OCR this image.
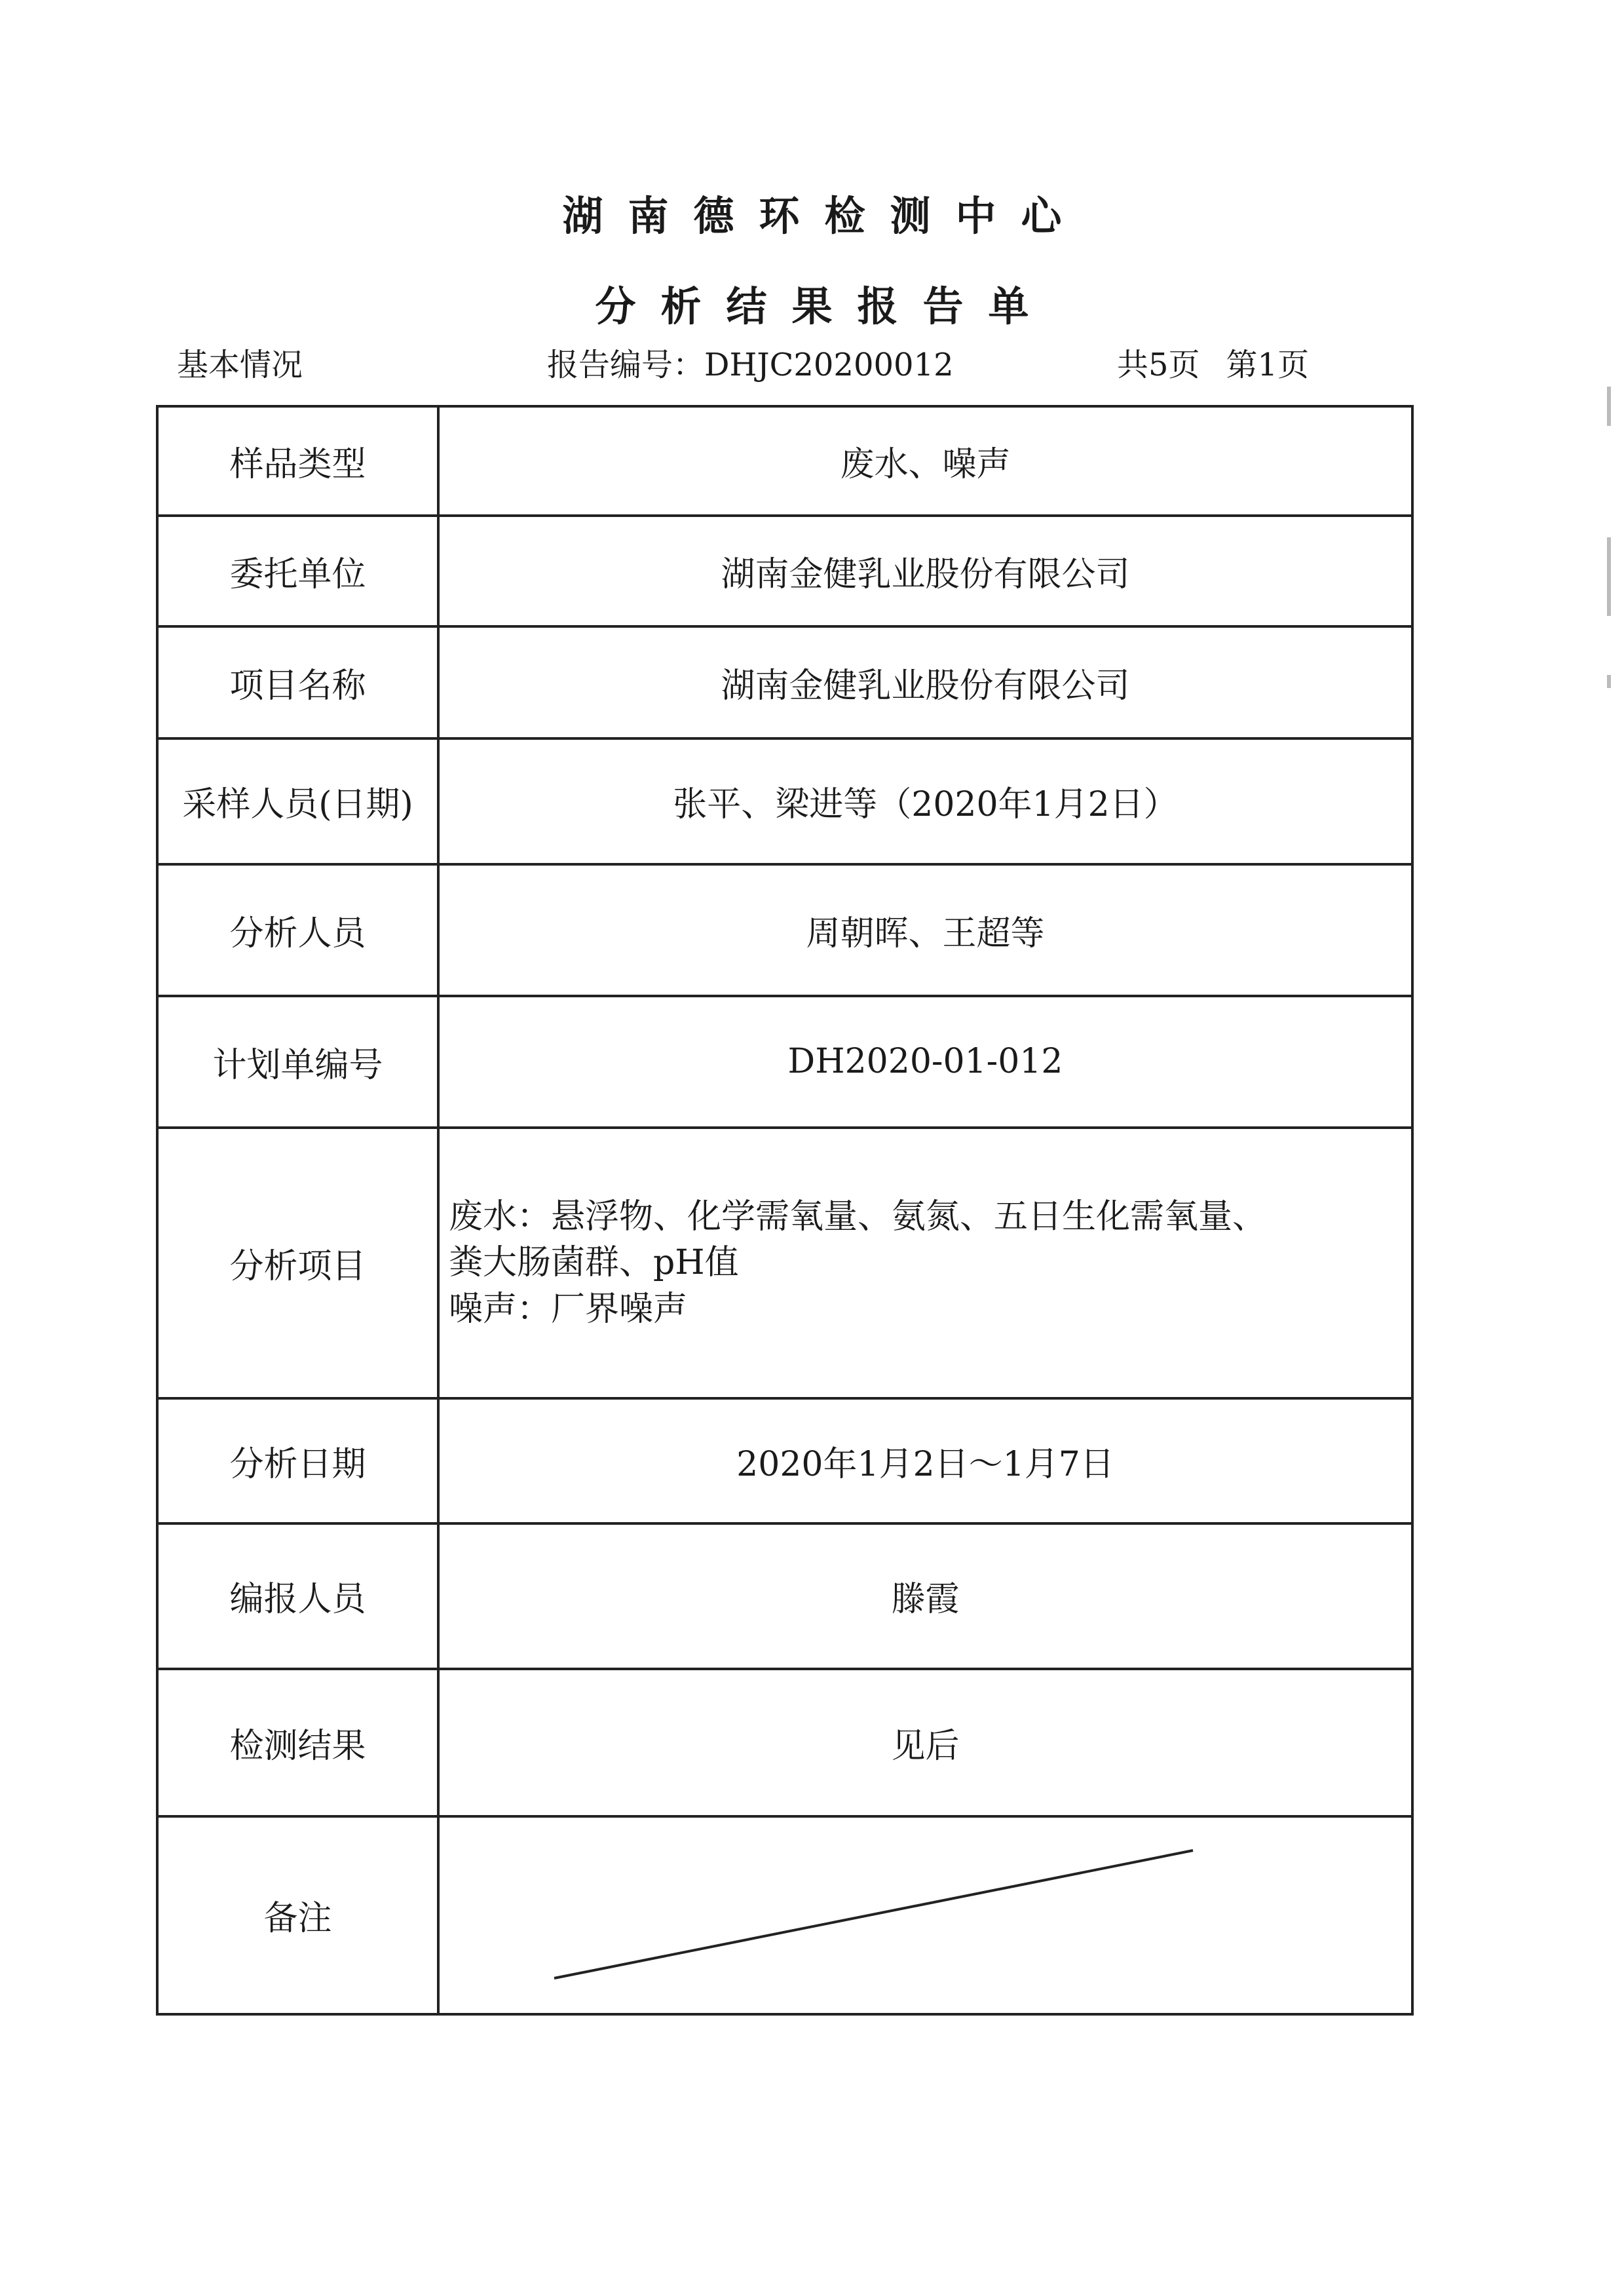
湖南德环检测中心
分析结果报告单
基本情况	报告编号：DHJC20200012	共5页 第1页
样品类型	废水、噪声
委托单位	湖南金健乳业股份有限公司
项目名称	湖南金健乳业股份有限公司
采样人员(日期)	张平、梁进等（2020年1月2日）
分析人员	周朝晖、王超等
计划单编号	DH2020-01-012
分析项目	废水：悬浮物、化学需氧量、氨氮、五日生化需氧量、
粪大肠菌群、pH值
噪声：厂界噪声

分析日期	2020年1月2日～1月7日
编报人员	滕霞
检测结果	见后
备注	
